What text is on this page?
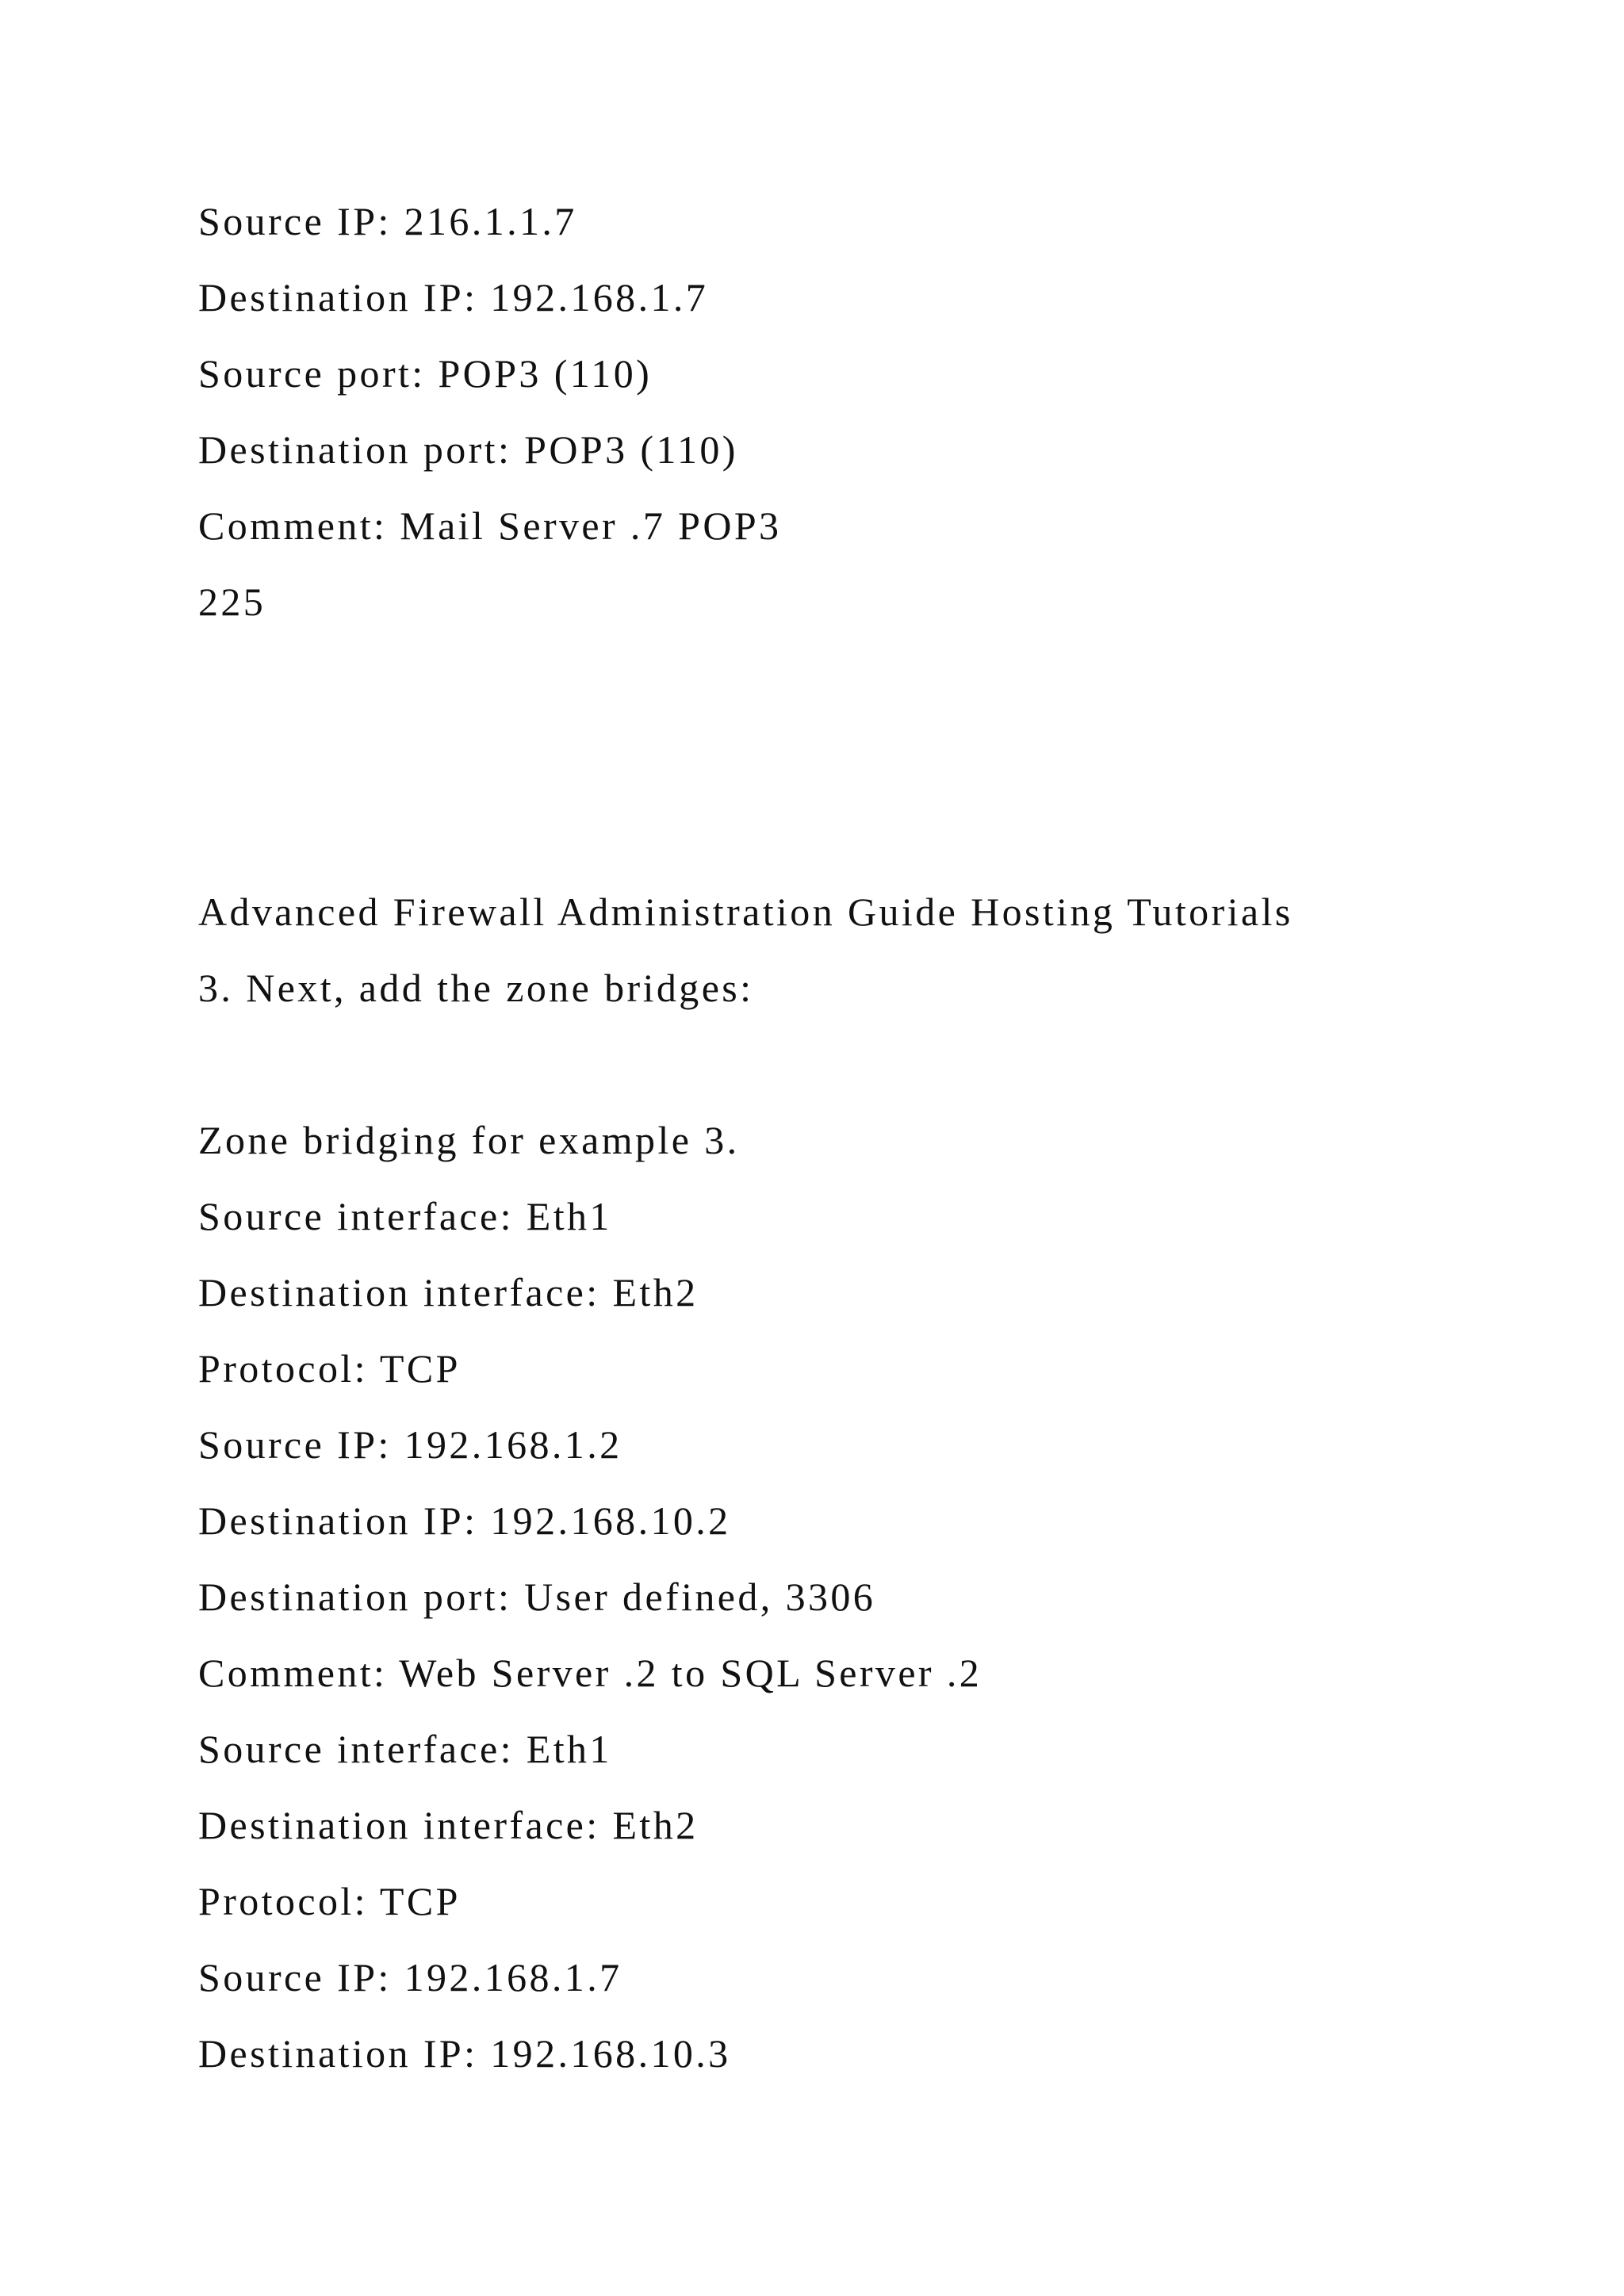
Source IP: 216.1.1.7

Destination IP: 192.168.1.7

Source port: POP3 (110)

Destination port: POP3 (110)

Comment: Mail Server .7 POP3

225

Advanced Firewall Administration Guide Hosting Tutorials

3. Next, add the zone bridges:

Zone bridging for example 3.

Source interface: Eth1

Destination interface: Eth2

Protocol: TCP

Source IP: 192.168.1.2

Destination IP: 192.168.10.2

Destination port: User defined, 3306

Comment: Web Server .2 to SQL Server .2

Source interface: Eth1

Destination interface: Eth2

Protocol: TCP

Source IP: 192.168.1.7

Destination IP: 192.168.10.3
